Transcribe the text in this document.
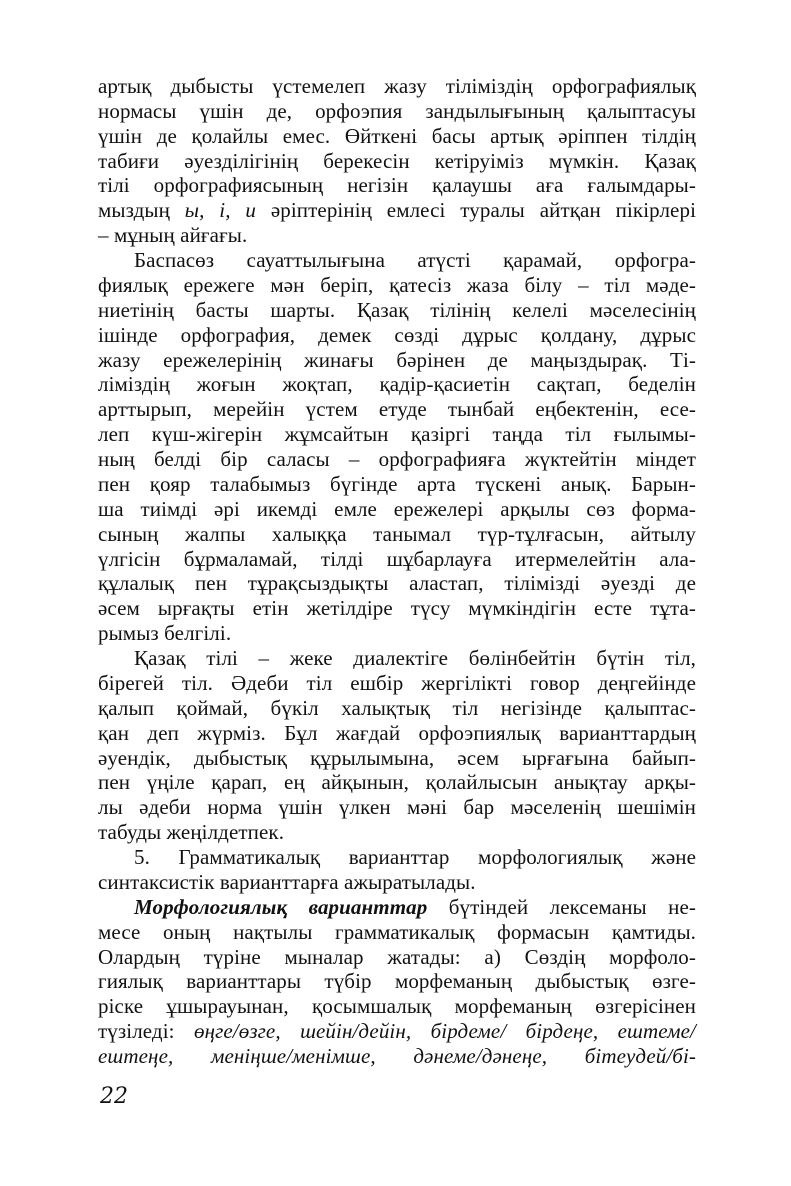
артық дыбысты үстемелеп жазу тіліміздің орфографиялық
нормасы үшін де, орфоэпия зандылығының қалыптасуы
үшін де қолайлы емес. Өйткені басы артық әріппен тілдің
табиғи әуезділігінің берекесін кетіруіміз мүмкін. Қазақ
тілі орфографиясының негізін қалаушы аға ғалымдары-
мыздың ы, і, и әріптерінің емлесі туралы айтқан пікірлері
– мұның айғағы.
Баспасөз сауаттылығына атүсті қарамай, орфогра-
фиялық ережеге мән беріп, қатесіз жаза білу – тіл мәде-
ниетінің басты шарты. Қазақ тілінің келелі мәселесінің
ішінде орфография, демек сөзді дұрыс қолдану, дұрыс
жазу ережелерінің жинағы бәрінен де маңыздырақ. Ті-
ліміздің жоғын жоқтап, қадір-қасиетін сақтап, беделін
арттырып, мерейін үстем етуде тынбай еңбектенін, есе-
леп күш-жігерін жұмсайтын қазіргі таңда тіл ғылымы-
ның белді бір саласы – орфографияға жүктейтін міндет
пен қояр талабымыз бүгінде арта түскені анық. Барын-
ша тиімді әрі икемді емле ережелері арқылы сөз форма-
сының жалпы халыққа танымал түр-тұлғасын, айтылу
үлгісін бұрмаламай, тілді шұбарлауға итермелейтін ала-
құлалық пен тұрақсыздықты аластап, тілімізді әуезді де
әсем ырғақты етін жетілдіре түсу мүмкіндігін есте тұта-
рымыз белгілі.
Қазақ тілі – жеке диалектіге бөлінбейтін бүтін тіл,
бірегей тіл. Әдеби тіл ешбір жергілікті говор деңгейінде
қалып қоймай, бүкіл халықтық тіл негізінде қалыптас-
қан деп жүрміз. Бұл жағдай орфоэпиялық варианттардың
әуендік, дыбыстық құрылымына, әсем ырғағына байып-
пен үңіле қарап, ең айқынын, қолайлысын анықтау арқы-
лы әдеби норма үшін үлкен мәні бар мәселенің шешімін
табуды жеңілдетпек.
5. Грамматикалық варианттар морфологиялық және
синтаксистік варианттарға ажыратылады.
Морфологиялық варианттар бүтіндей лексеманы не-
месе оның нақтылы грамматикалық формасын қамтиды.
Олардың түріне мыналар жатады: а) Сөздің морфоло-
гиялық варианттары түбір морфеманың дыбыстық өзге-
ріске ұшырауынан, қосымшалық морфеманың өзгерісінен
түзіледі: өңге/өзге, шейін/дейін, бірдеме/ бірдеңе, ештеме/
ештеңе, меніңше/менімше, дәнеме/дәнеңе, бітеудей/бі-
22
